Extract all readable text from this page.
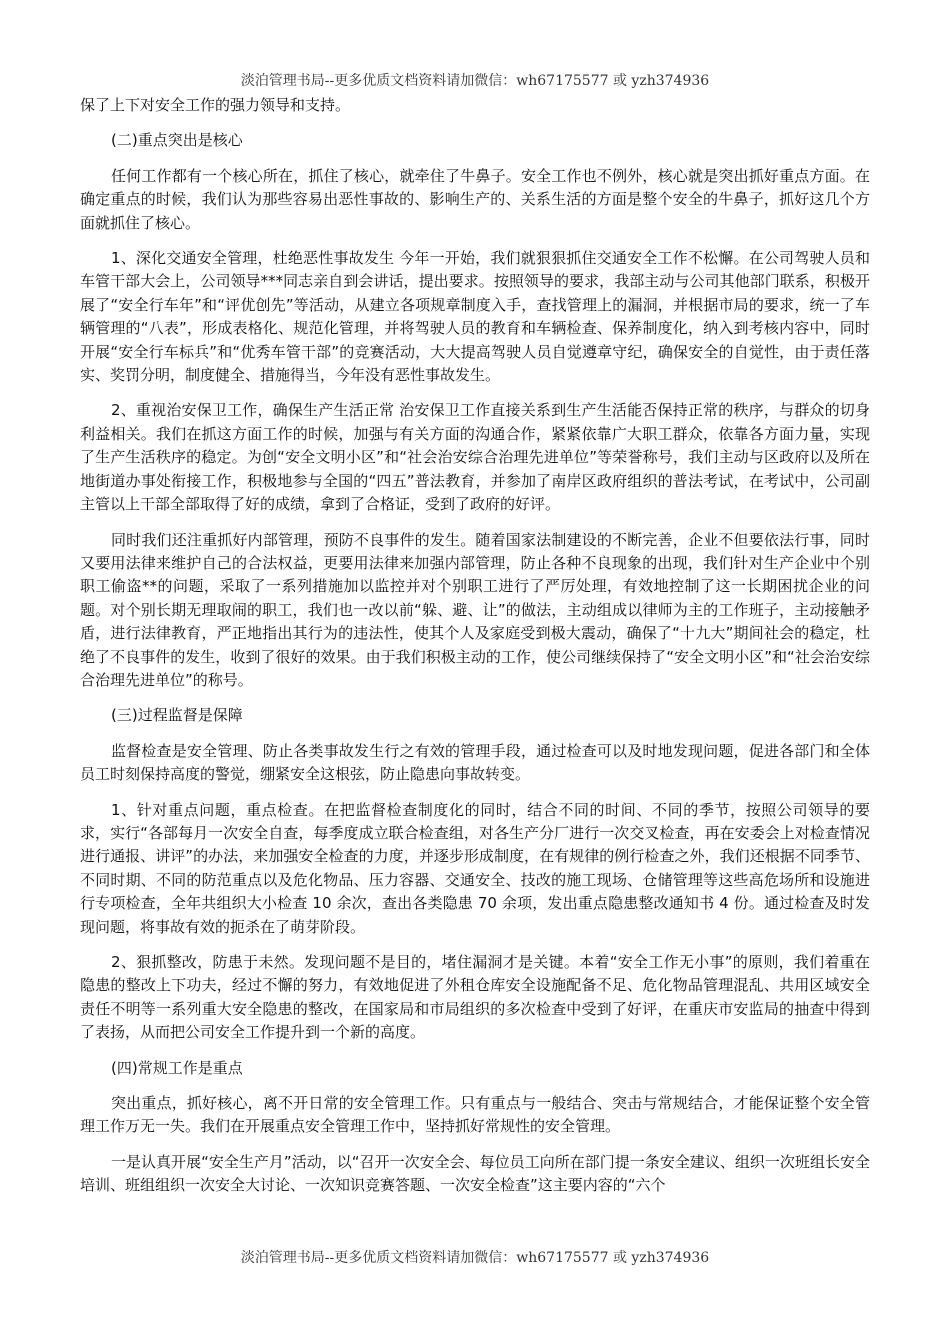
淡泊管理书局--更多优质文档资料请加微信：wh67175577 或 yzh374936

保了上下对安全工作的强力领导和支持。

(二)重点突出是核心

任何工作都有一个核心所在，抓住了核心，就牵住了牛鼻子。安全工作也不例外，核心就是突出抓好重点方面。在确定重点的时候，我们认为那些容易出恶性事故的、影响生产的、关系生活的方面是整个安全的牛鼻子，抓好这几个方面就抓住了核心。

1、深化交通安全管理，杜绝恶性事故发生 今年一开始，我们就狠狠抓住交通安全工作不松懈。在公司驾驶人员和车管干部大会上，公司领导***同志亲自到会讲话，提出要求。按照领导的要求，我部主动与公司其他部门联系，积极开展了“安全行车年”和“评优创先”等活动，从建立各项规章制度入手，查找管理上的漏洞，并根据市局的要求，统一了车辆管理的“八表”，形成表格化、规范化管理，并将驾驶人员的教育和车辆检查、保养制度化，纳入到考核内容中，同时开展“安全行车标兵”和“优秀车管干部”的竞赛活动，大大提高驾驶人员自觉遵章守纪，确保安全的自觉性，由于责任落实、奖罚分明，制度健全、措施得当，今年没有恶性事故发生。

2、重视治安保卫工作，确保生产生活正常 治安保卫工作直接关系到生产生活能否保持正常的秩序，与群众的切身利益相关。我们在抓这方面工作的时候，加强与有关方面的沟通合作，紧紧依靠广大职工群众，依靠各方面力量，实现了生产生活秩序的稳定。为创“安全文明小区”和“社会治安综合治理先进单位”等荣誉称号，我们主动与区政府以及所在地街道办事处衔接工作，积极地参与全国的“四五”普法教育，并参加了南岸区政府组织的普法考试，在考试中，公司副主管以上干部全部取得了好的成绩，拿到了合格证，受到了政府的好评。

同时我们还注重抓好内部管理，预防不良事件的发生。随着国家法制建设的不断完善，企业不但要依法行事，同时又要用法律来维护自己的合法权益，更要用法律来加强内部管理，防止各种不良现象的出现，我们针对生产企业中个别职工偷盗**的问题，采取了一系列措施加以监控并对个别职工进行了严厉处理，有效地控制了这一长期困扰企业的问题。对个别长期无理取闹的职工，我们也一改以前“躲、避、让”的做法，主动组成以律师为主的工作班子，主动接触矛盾，进行法律教育，严正地指出其行为的违法性，使其个人及家庭受到极大震动，确保了“十九大”期间社会的稳定，杜绝了不良事件的发生，收到了很好的效果。由于我们积极主动的工作，使公司继续保持了“安全文明小区”和“社会治安综合治理先进单位”的称号。

(三)过程监督是保障

监督检查是安全管理、防止各类事故发生行之有效的管理手段，通过检查可以及时地发现问题，促进各部门和全体员工时刻保持高度的警觉，绷紧安全这根弦，防止隐患向事故转变。

1、针对重点问题，重点检查。在把监督检查制度化的同时，结合不同的时间、不同的季节，按照公司领导的要求，实行“各部每月一次安全自查，每季度成立联合检查组，对各生产分厂进行一次交叉检查，再在安委会上对检查情况进行通报、讲评”的办法，来加强安全检查的力度，并逐步形成制度，在有规律的例行检查之外，我们还根据不同季节、不同时期、不同的防范重点以及危化物品、压力容器、交通安全、技改的施工现场、仓储管理等这些高危场所和设施进行专项检查，全年共组织大小检查 10 余次，查出各类隐患 70 余项，发出重点隐患整改通知书 4 份。通过检查及时发现问题，将事故有效的扼杀在了萌芽阶段。

2、狠抓整改，防患于未然。发现问题不是目的，堵住漏洞才是关键。本着“安全工作无小事”的原则，我们着重在隐患的整改上下功夫，经过不懈的努力，有效地促进了外租仓库安全设施配备不足、危化物品管理混乱、共用区域安全责任不明等一系列重大安全隐患的整改，在国家局和市局组织的多次检查中受到了好评，在重庆市安监局的抽查中得到了表扬，从而把公司安全工作提升到一个新的高度。

(四)常规工作是重点

突出重点，抓好核心，离不开日常的安全管理工作。只有重点与一般结合、突击与常规结合，才能保证整个安全管理工作万无一失。我们在开展重点安全管理工作中，坚持抓好常规性的安全管理。

一是认真开展“安全生产月”活动，以“召开一次安全会、每位员工向所在部门提一条安全建议、组织一次班组长安全培训、班组组织一次安全大讨论、一次知识竞赛答题、一次安全检查”这主要内容的“六个

淡泊管理书局--更多优质文档资料请加微信：wh67175577 或 yzh374936
